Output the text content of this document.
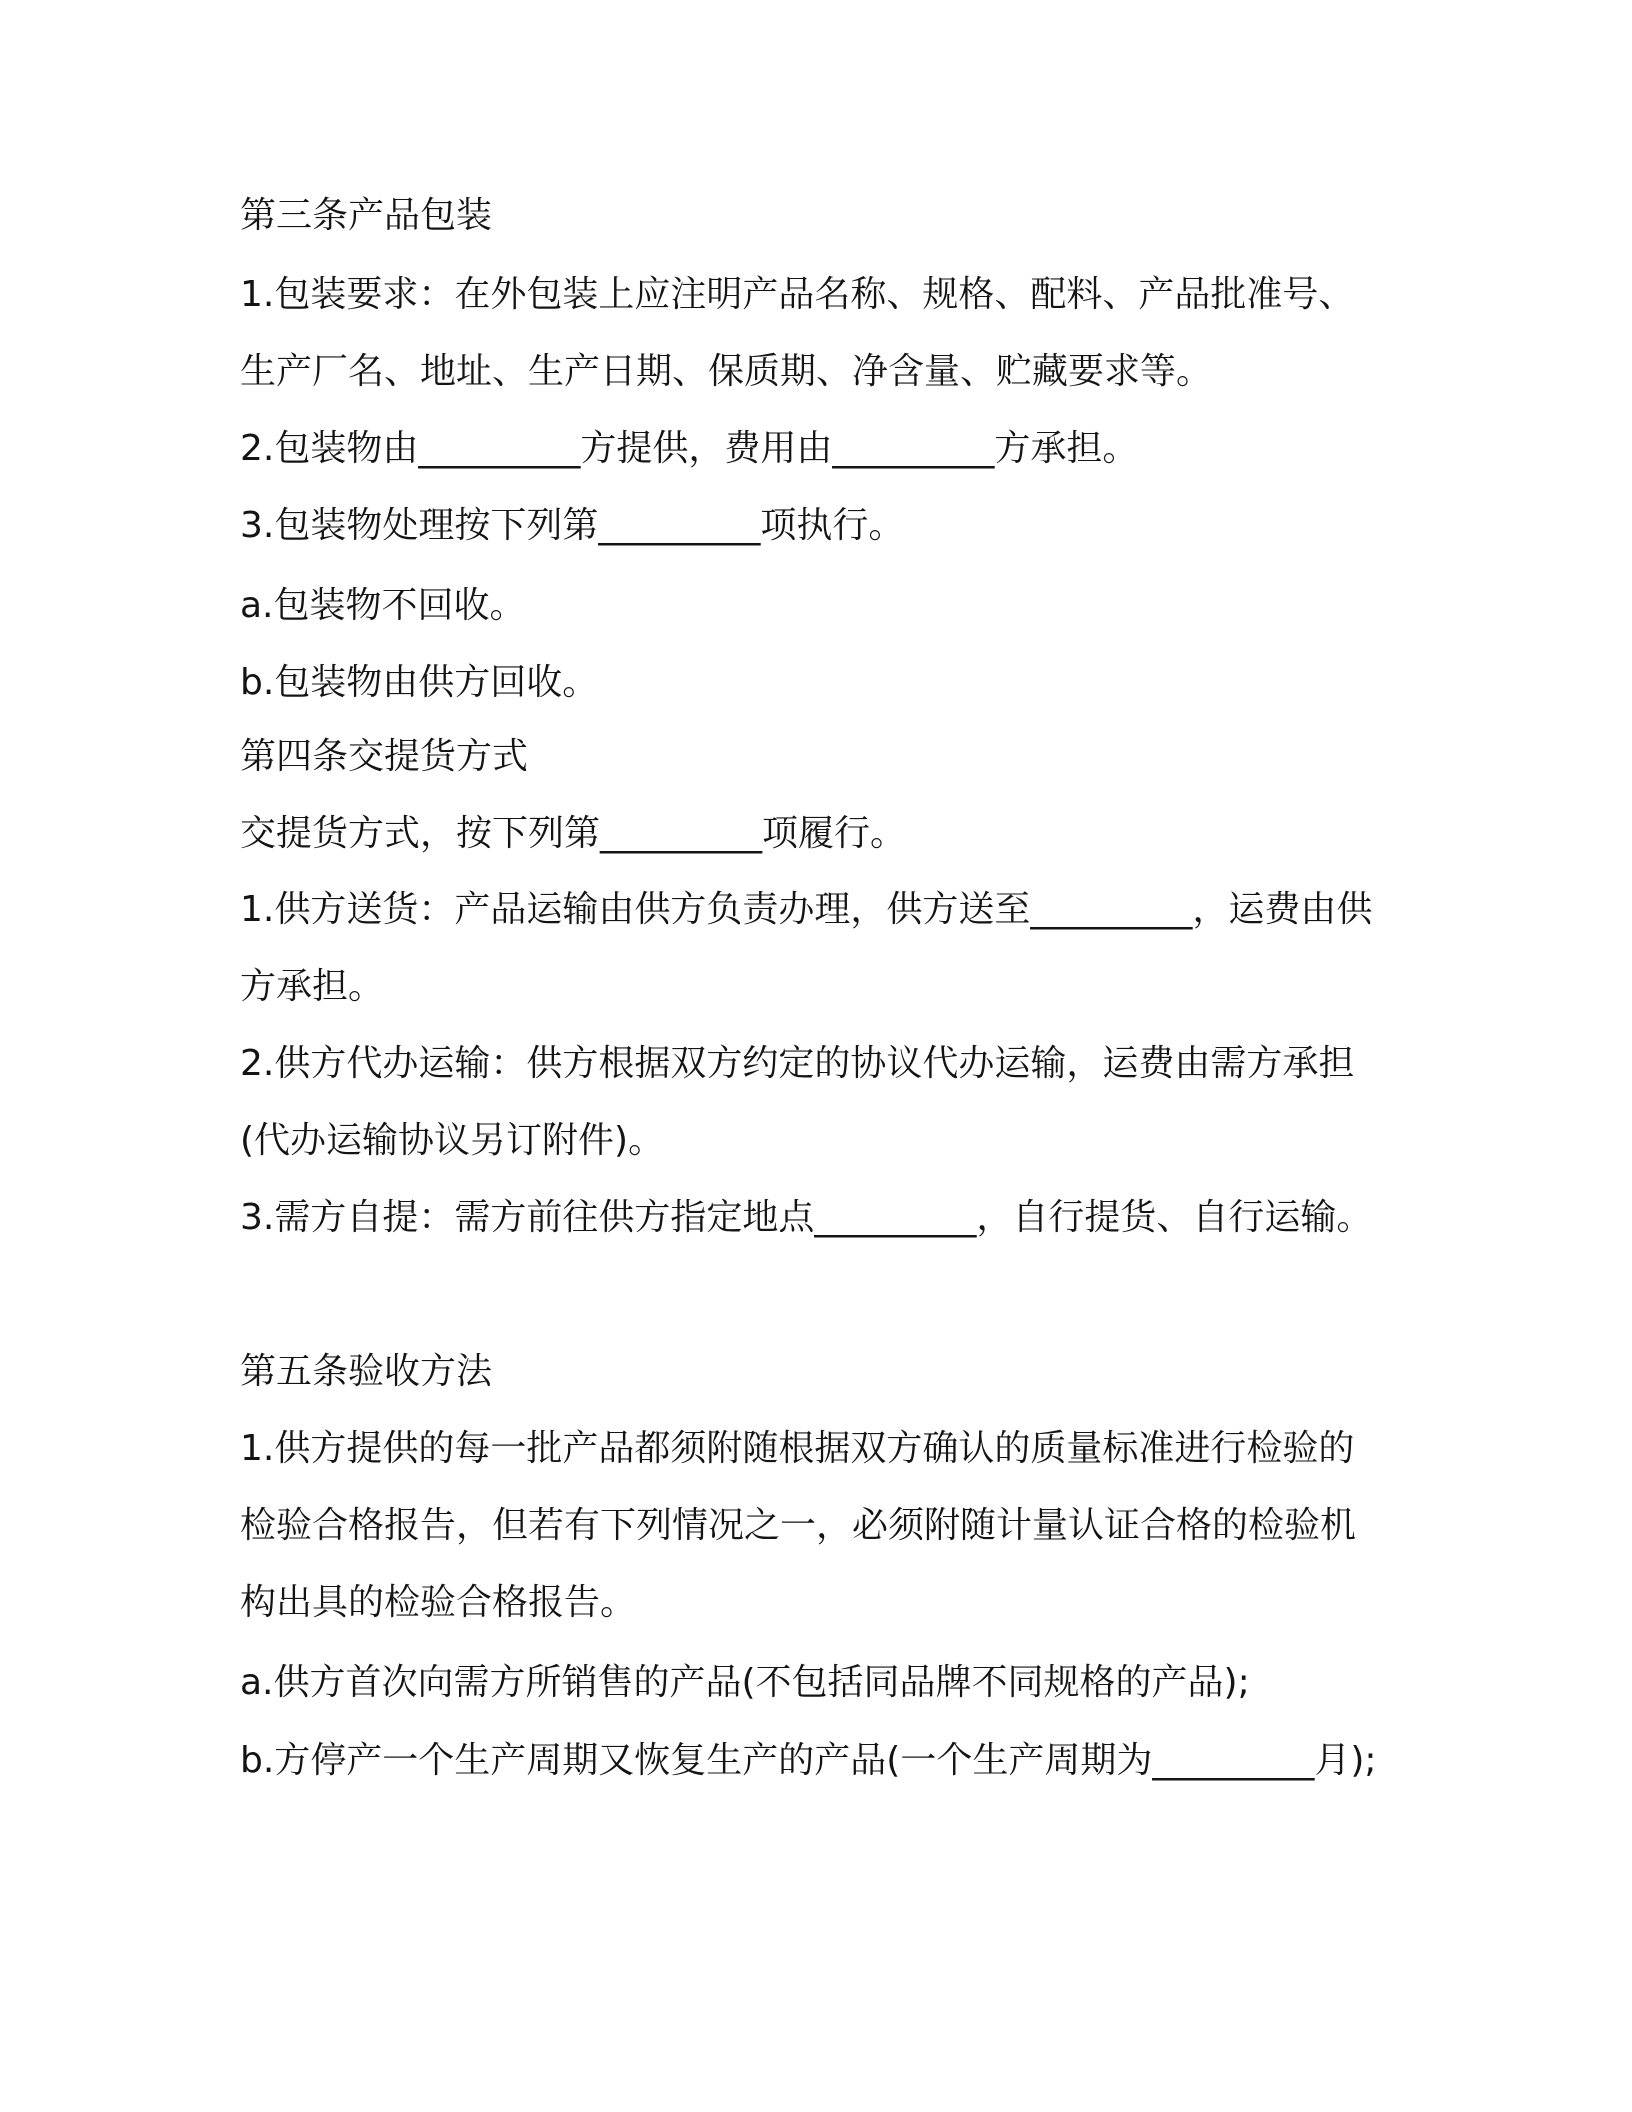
第三条产品包装

1.包装要求：在外包装上应注明产品名称、规格、配料、产品批准号、生产厂名、地址、生产日期、保质期、净含量、贮藏要求等。

2.包装物由_________方提供，费用由_________方承担。

3.包装物处理按下列第_________项执行。

a.包装物不回收。

b.包装物由供方回收。

第四条交提货方式

交提货方式，按下列第_________项履行。

1.供方送货：产品运输由供方负责办理，供方送至_________，运费由供方承担。

2.供方代办运输：供方根据双方约定的协议代办运输，运费由需方承担(代办运输协议另订附件)。

3.需方自提：需方前往供方指定地点_________，自行提货、自行运输。

第五条验收方法

1.供方提供的每一批产品都须附随根据双方确认的质量标准进行检验的检验合格报告，但若有下列情况之一，必须附随计量认证合格的检验机构出具的检验合格报告。

a.供方首次向需方所销售的产品(不包括同品牌不同规格的产品);

b.方停产一个生产周期又恢复生产的产品(一个生产周期为_________月);
